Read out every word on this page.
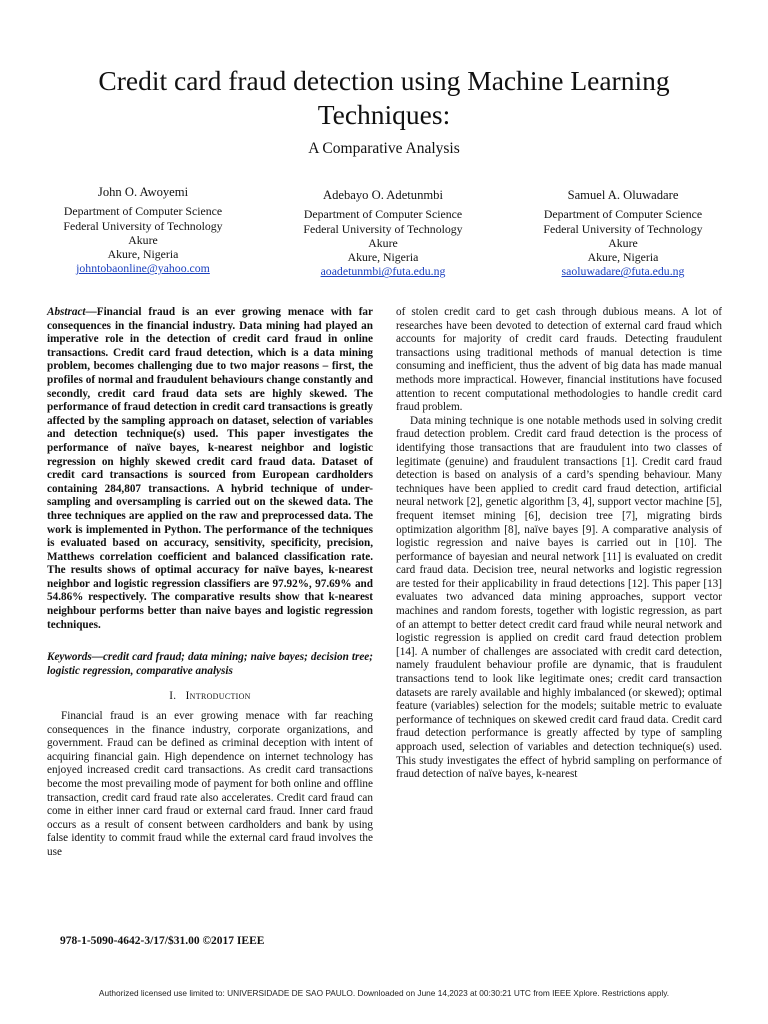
Credit card fraud detection using Machine Learning Techniques:
A Comparative Analysis
John O. Awoyemi
Department of Computer Science
Federal University of Technology
Akure
Akure, Nigeria
johntobaonline@yahoo.com
Adebayo O. Adetunmbi
Department of Computer Science
Federal University of Technology
Akure
Akure, Nigeria
aoadetunmbi@futa.edu.ng
Samuel A. Oluwadare
Department of Computer Science
Federal University of Technology
Akure
Akure, Nigeria
saoluwadare@futa.edu.ng

Abstract—Financial fraud is an ever growing menace with far consequences in the financial industry. Data mining had played an imperative role in the detection of credit card fraud in online transactions. Credit card fraud detection, which is a data mining problem, becomes challenging due to two major reasons – first, the profiles of normal and fraudulent behaviours change constantly and secondly, credit card fraud data sets are highly skewed. The performance of fraud detection in credit card transactions is greatly affected by the sampling approach on dataset, selection of variables and detection technique(s) used. This paper investigates the performance of naïve bayes, k-nearest neighbor and logistic regression on highly skewed credit card fraud data. Dataset of credit card transactions is sourced from European cardholders containing 284,807 transactions. A hybrid technique of under-sampling and oversampling is carried out on the skewed data. The three techniques are applied on the raw and preprocessed data. The work is implemented in Python. The performance of the techniques is evaluated based on accuracy, sensitivity, specificity, precision, Matthews correlation coefficient and balanced classification rate. The results shows of optimal accuracy for naïve bayes, k-nearest neighbor and logistic regression classifiers are 97.92%, 97.69% and 54.86% respectively. The comparative results show that k-nearest neighbour performs better than naive bayes and logistic regression techniques.

Keywords—credit card fraud; data mining; naive bayes; decision tree; logistic regression, comparative analysis

I. Introduction

Financial fraud is an ever growing menace with far reaching consequences in the finance industry, corporate organizations, and government. Fraud can be defined as criminal deception with intent of acquiring financial gain. High dependence on internet technology has enjoyed increased credit card transactions. As credit card transactions become the most prevailing mode of payment for both online and offline transaction, credit card fraud rate also accelerates. Credit card fraud can come in either inner card fraud or external card fraud. Inner card fraud occurs as a result of consent between cardholders and bank by using false identity to commit fraud while the external card fraud involves the use

of stolen credit card to get cash through dubious means. A lot of researches have been devoted to detection of external card fraud which accounts for majority of credit card frauds. Detecting fraudulent transactions using traditional methods of manual detection is time consuming and inefficient, thus the advent of big data has made manual methods more impractical. However, financial institutions have focused attention to recent computational methodologies to handle credit card fraud problem.

Data mining technique is one notable methods used in solving credit fraud detection problem. Credit card fraud detection is the process of identifying those transactions that are fraudulent into two classes of legitimate (genuine) and fraudulent transactions [1]. Credit card fraud detection is based on analysis of a card’s spending behaviour. Many techniques have been applied to credit card fraud detection, artificial neural network [2], genetic algorithm [3, 4], support vector machine [5], frequent itemset mining [6], decision tree [7], migrating birds optimization algorithm [8], naïve bayes [9]. A comparative analysis of logistic regression and naive bayes is carried out in [10]. The performance of bayesian and neural network [11] is evaluated on credit card fraud data. Decision tree, neural networks and logistic regression are tested for their applicability in fraud detections [12]. This paper [13] evaluates two advanced data mining approaches, support vector machines and random forests, together with logistic regression, as part of an attempt to better detect credit card fraud while neural network and logistic regression is applied on credit card fraud detection problem [14]. A number of challenges are associated with credit card detection, namely fraudulent behaviour profile are dynamic, that is fraudulent transactions tend to look like legitimate ones; credit card transaction datasets are rarely available and highly imbalanced (or skewed); optimal feature (variables) selection for the models; suitable metric to evaluate performance of techniques on skewed credit card fraud data. Credit card fraud detection performance is greatly affected by type of sampling approach used, selection of variables and detection technique(s) used. This study investigates the effect of hybrid sampling on performance of fraud detection of naïve bayes, k-nearest

978-1-5090-4642-3/17/$31.00 ©2017 IEEE
Authorized licensed use limited to: UNIVERSIDADE DE SAO PAULO. Downloaded on June 14,2023 at 00:30:21 UTC from IEEE Xplore. Restrictions apply.
